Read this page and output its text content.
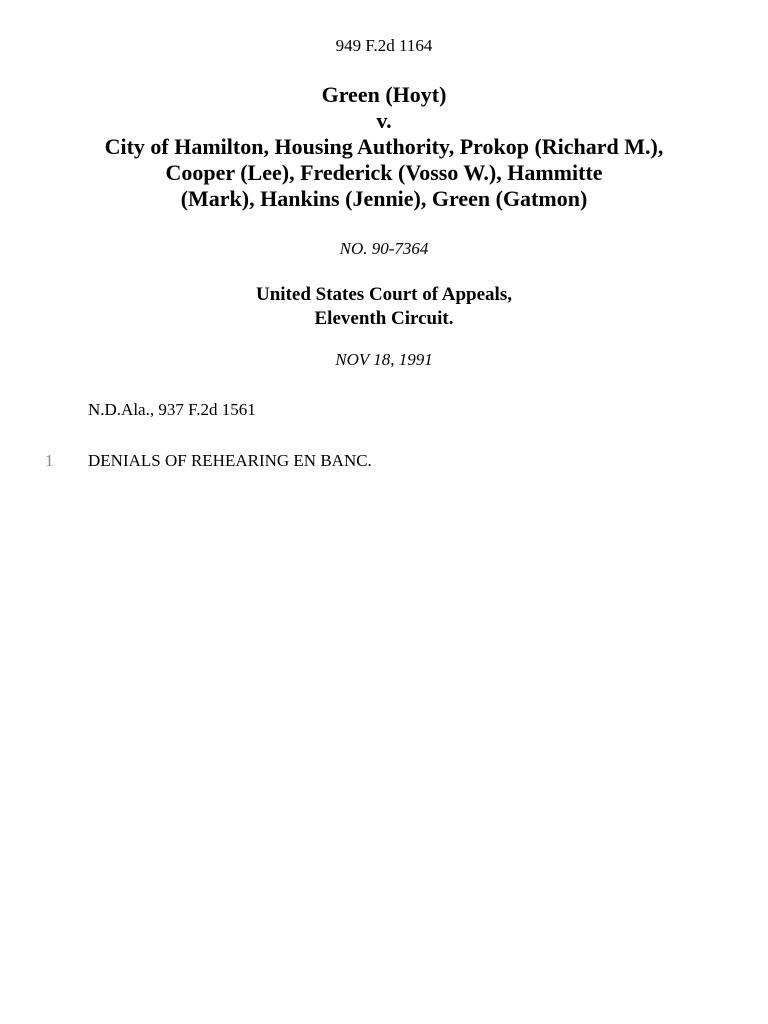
949 F.2d 1164
Green (Hoyt)
v.
City of Hamilton, Housing Authority, Prokop (Richard M.),
Cooper (Lee), Frederick (Vosso W.), Hammitte
(Mark), Hankins (Jennie), Green (Gatmon)
NO. 90-7364
United States Court of Appeals,
Eleventh Circuit.
NOV 18, 1991
N.D.Ala., 937 F.2d 1561
1 DENIALS OF REHEARING EN BANC.
